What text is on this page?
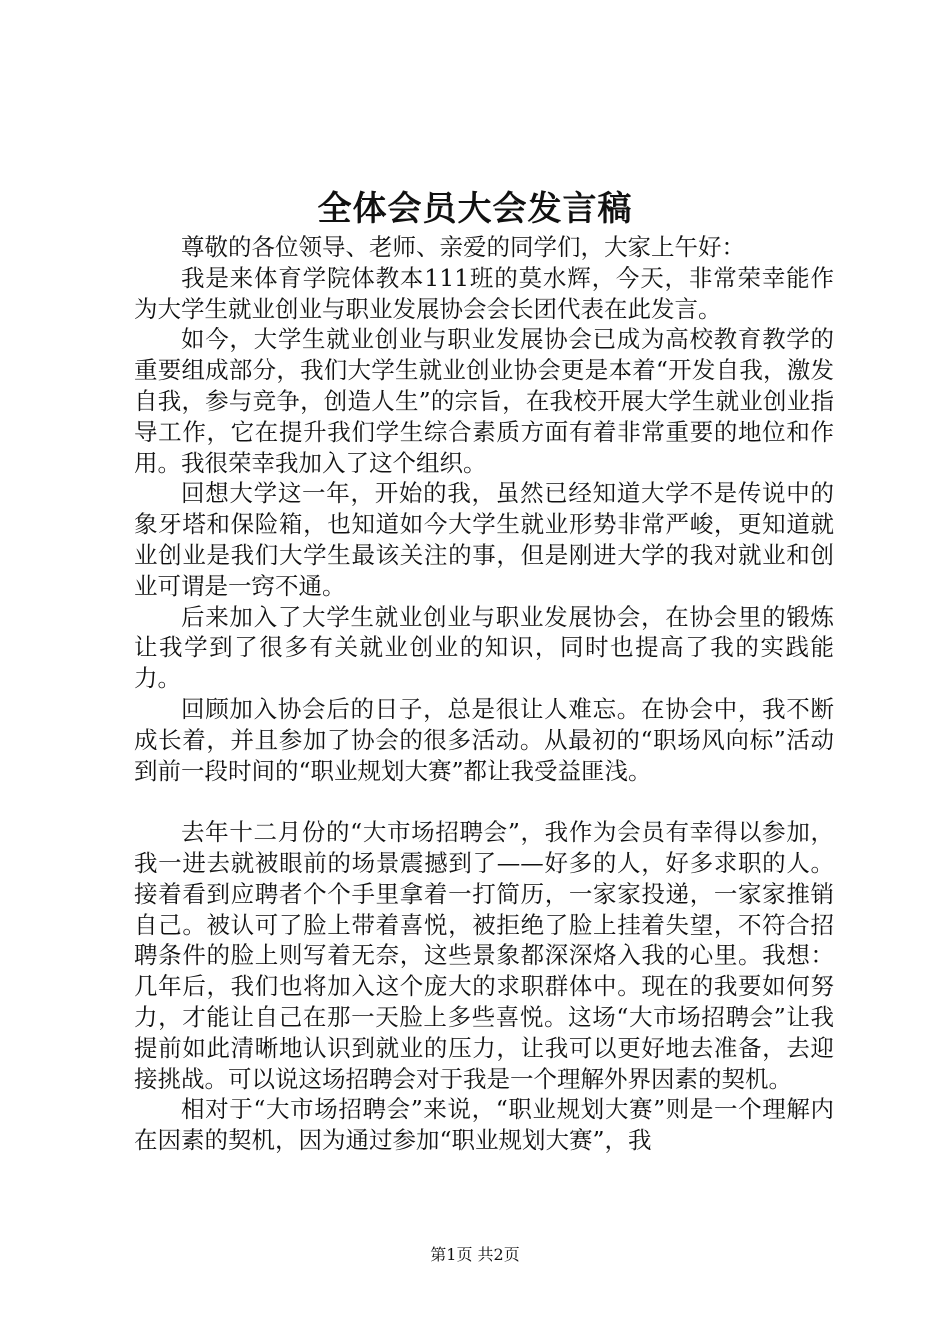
全体会员大会发言稿

尊敬的各位领导、老师、亲爱的同学们，大家上午好：

我是来体育学院体教本111班的莫水辉，今天，非常荣幸能作为大学生就业创业与职业发展协会会长团代表在此发言。

如今，大学生就业创业与职业发展协会已成为高校教育教学的重要组成部分，我们大学生就业创业协会更是本着“开发自我，激发自我，参与竞争，创造人生”的宗旨，在我校开展大学生就业创业指导工作，它在提升我们学生综合素质方面有着非常重要的地位和作用。我很荣幸我加入了这个组织。

回想大学这一年，开始的我，虽然已经知道大学不是传说中的象牙塔和保险箱，也知道如今大学生就业形势非常严峻，更知道就业创业是我们大学生最该关注的事，但是刚进大学的我对就业和创业可谓是一窍不通。

后来加入了大学生就业创业与职业发展协会，在协会里的锻炼让我学到了很多有关就业创业的知识，同时也提高了我的实践能力。

回顾加入协会后的日子，总是很让人难忘。在协会中，我不断成长着，并且参加了协会的很多活动。从最初的“职场风向标”活动到前一段时间的“职业规划大赛”都让我受益匪浅。

去年十二月份的“大市场招聘会”，我作为会员有幸得以参加，我一进去就被眼前的场景震撼到了——好多的人，好多求职的人。接着看到应聘者个个手里拿着一打简历，一家家投递，一家家推销自己。被认可了脸上带着喜悦，被拒绝了脸上挂着失望，不符合招聘条件的脸上则写着无奈，这些景象都深深烙入我的心里。我想：几年后，我们也将加入这个庞大的求职群体中。现在的我要如何努力，才能让自己在那一天脸上多些喜悦。这场“大市场招聘会”让我提前如此清晰地认识到就业的压力，让我可以更好地去准备，去迎接挑战。可以说这场招聘会对于我是一个理解外界因素的契机。

相对于“大市场招聘会”来说，“职业规划大赛”则是一个理解内在因素的契机，因为通过参加“职业规划大赛”，我

第1页 共2页
